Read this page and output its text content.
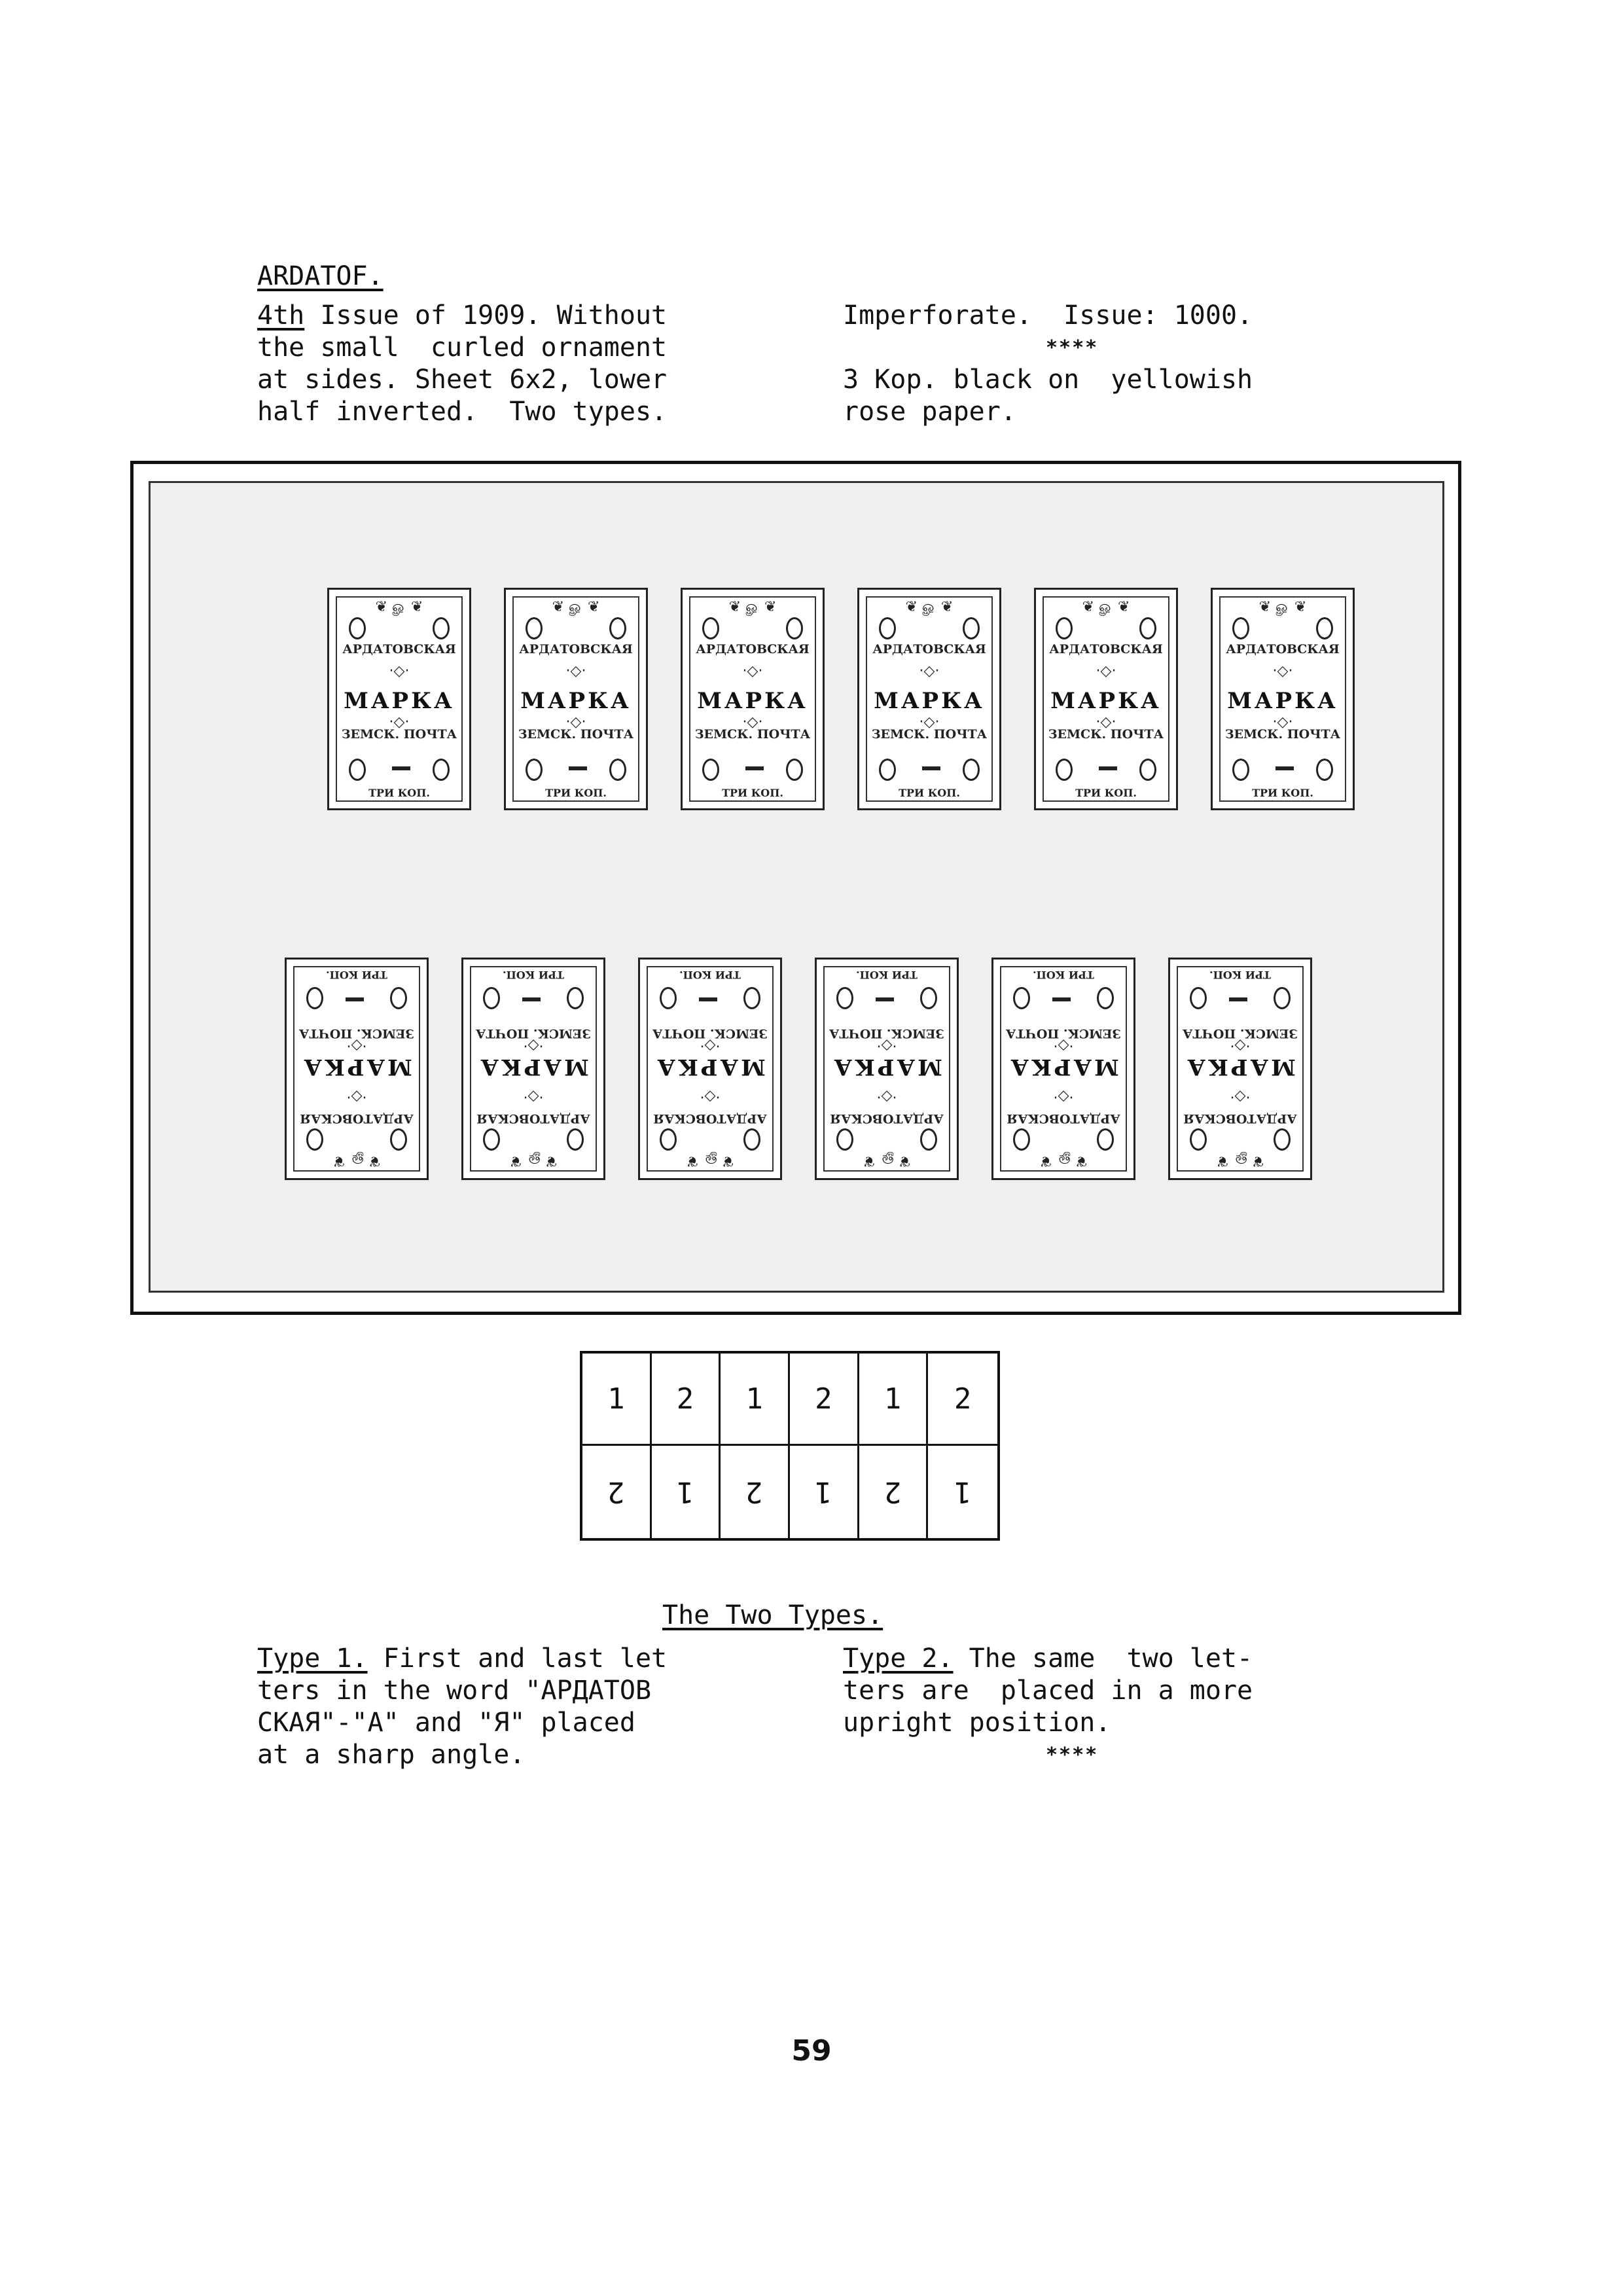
ARDATOF.
4th Issue of 1909. Without
the small  curled ornament
at sides. Sheet 6x2, lower
half inverted.  Two types.
Imperforate.  Issue: 1000.
****
3 Kop. black on  yellowish
rose paper.
❦ ௐ ❦
АРДАТОВСКАЯ
·◇·
МАРКА
·◇·
ЗЕМСК. ПОЧТА
ТРИ КОП.
❦ ௐ ❦
АРДАТОВСКАЯ
·◇·
МАРКА
·◇·
ЗЕМСК. ПОЧТА
ТРИ КОП.
❦ ௐ ❦
АРДАТОВСКАЯ
·◇·
МАРКА
·◇·
ЗЕМСК. ПОЧТА
ТРИ КОП.
❦ ௐ ❦
АРДАТОВСКАЯ
·◇·
МАРКА
·◇·
ЗЕМСК. ПОЧТА
ТРИ КОП.
❦ ௐ ❦
АРДАТОВСКАЯ
·◇·
МАРКА
·◇·
ЗЕМСК. ПОЧТА
ТРИ КОП.
❦ ௐ ❦
АРДАТОВСКАЯ
·◇·
МАРКА
·◇·
ЗЕМСК. ПОЧТА
ТРИ КОП.
❦ ௐ ❦
АРДАТОВСКАЯ
·◇·
МАРКА
·◇·
ЗЕМСК. ПОЧТА
ТРИ КОП.
❦ ௐ ❦
АРДАТОВСКАЯ
·◇·
МАРКА
·◇·
ЗЕМСК. ПОЧТА
ТРИ КОП.
❦ ௐ ❦
АРДАТОВСКАЯ
·◇·
МАРКА
·◇·
ЗЕМСК. ПОЧТА
ТРИ КОП.
❦ ௐ ❦
АРДАТОВСКАЯ
·◇·
МАРКА
·◇·
ЗЕМСК. ПОЧТА
ТРИ КОП.
❦ ௐ ❦
АРДАТОВСКАЯ
·◇·
МАРКА
·◇·
ЗЕМСК. ПОЧТА
ТРИ КОП.
❦ ௐ ❦
АРДАТОВСКАЯ
·◇·
МАРКА
·◇·
ЗЕМСК. ПОЧТА
ТРИ КОП.
1 2 1 2 1 2
2 1 2 1 2 1
The Two Types.
Type 1. First and last let
ters in the word "АРДАТОВ
СКАЯ"-"А" and "Я" placed
at a sharp angle.
Type 2. The same  two let-
ters are  placed in a more
upright position.
****
59
